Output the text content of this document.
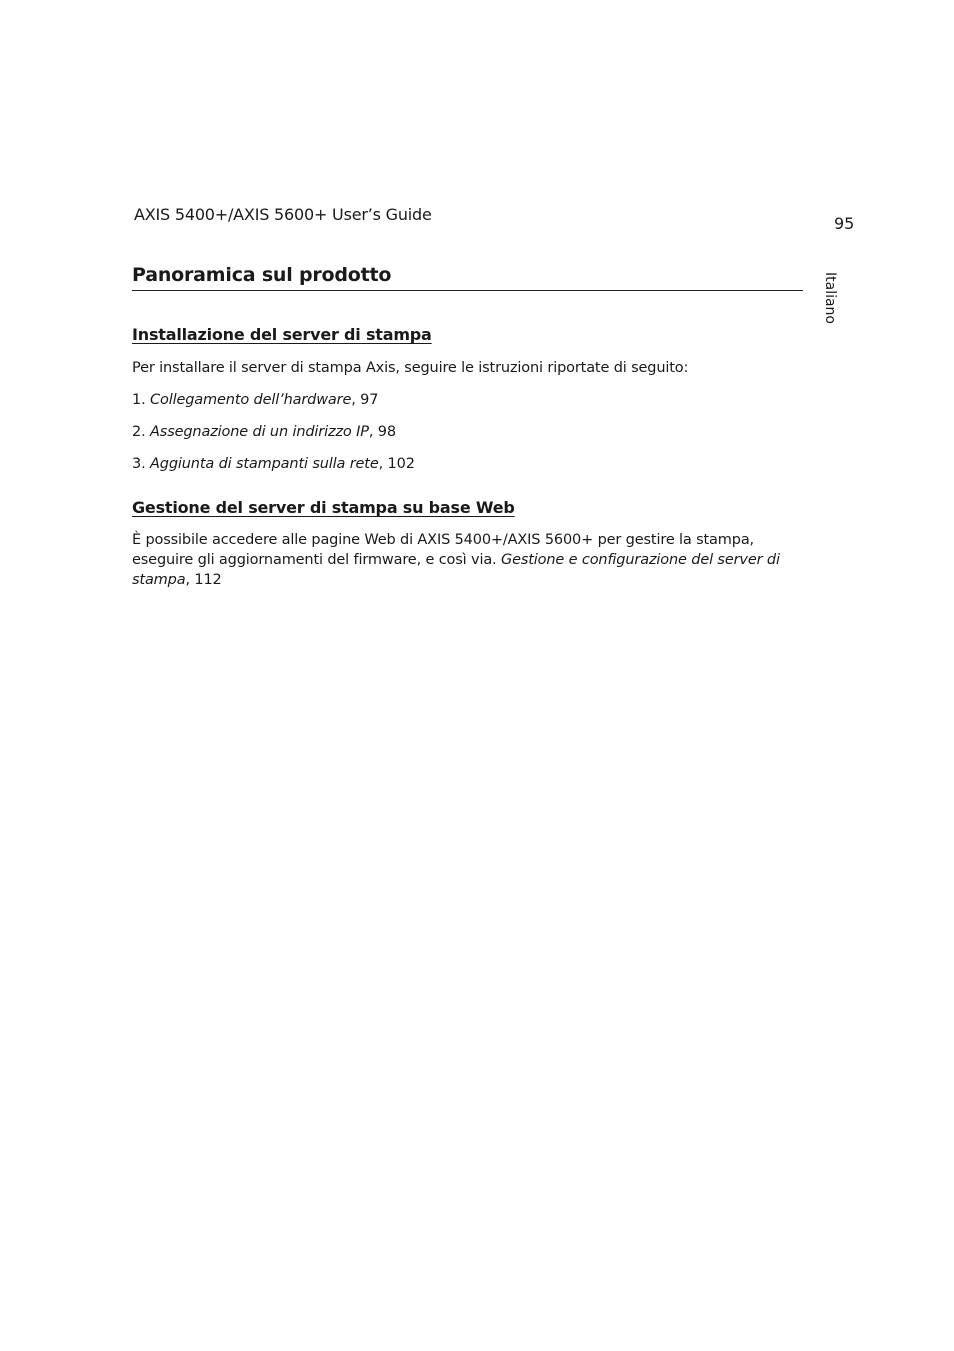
AXIS 5400+/AXIS 5600+ User’s Guide	95
Italiano
Panoramica sul prodotto
Installazione del server di stampa

Per installare il server di stampa Axis, seguire le istruzioni riportate di seguito:

1. Collegamento dell’hardware, 97
2. Assegnazione di un indirizzo IP, 98
3. Aggiunta di stampanti sulla rete, 102
Gestione del server di stampa su base Web

È possibile accedere alle pagine Web di AXIS 5400+/AXIS 5600+ per gestire la stampa, eseguire gli aggiornamenti del firmware, e così via. Gestione e configurazione del server di stampa, 112
